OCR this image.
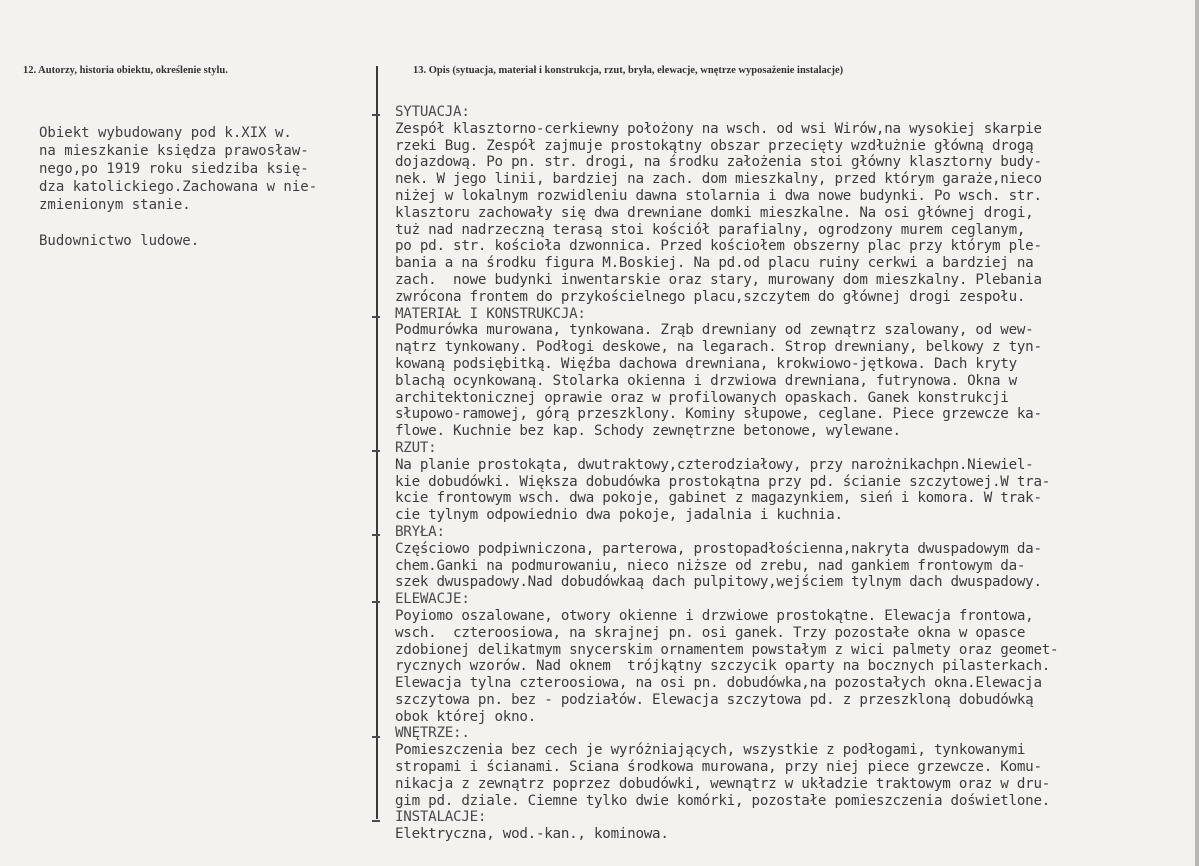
12. Autorzy, historia obiektu, określenie stylu.	13. Opis (sytuacja, materiał i konstrukcja, rzut, bryła, elewacje, wnętrze wyposażenie instalacje)
Obiekt wybudowany pod k.XIX w.
na mieszkanie księdza prawosław-
nego,po 1919 roku siedziba księ-
dza katolickiego.Zachowana w nie-
zmienionym stanie.
Budownictwo ludowe.
SYTUACJA:
Zespół klasztorno-cerkiewny położony na wsch. od wsi Wirów,na wysokiej skarpie
rzeki Bug. Zespół zajmuje prostokątny obszar przecięty wzdłużnie główną drogą
dojazdową. Po pn. str. drogi, na środku założenia stoi główny klasztorny budy-
nek. W jego linii, bardziej na zach. dom mieszkalny, przed którym garaże,nieco
niżej w lokalnym rozwidleniu dawna stolarnia i dwa nowe budynki. Po wsch. str.
klasztoru zachowały się dwa drewniane domki mieszkalne. Na osi głównej drogi,
tuż nad nadrzeczną terasą stoi kościół parafialny, ogrodzony murem ceglanym,
po pd. str. kościoła dzwonnica. Przed kościołem obszerny plac przy którym ple-
bania a na środku figura M.Boskiej. Na pd.od placu ruiny cerkwi a bardziej na
zach.  nowe budynki inwentarskie oraz stary, murowany dom mieszkalny. Plebania
zwrócona frontem do przykościelnego placu,szczytem do głównej drogi zespołu.
MATERIAŁ I KONSTRUKCJA:
Podmurówka murowana, tynkowana. Zrąb drewniany od zewnątrz szalowany, od wew-
nątrz tynkowany. Podłogi deskowe, na legarach. Strop drewniany, belkowy z tyn-
kowaną podsiębitką. Więźba dachowa drewniana, krokwiowo-jętkowa. Dach kryty
blachą ocynkowaną. Stolarka okienna i drzwiowa drewniana, futrynowa. Okna w
architektonicznej oprawie oraz w profilowanych opaskach. Ganek konstrukcji
słupowo-ramowej, górą przeszklony. Kominy słupowe, ceglane. Piece grzewcze ka-
flowe. Kuchnie bez kap. Schody zewnętrzne betonowe, wylewane.
RZUT:
Na planie prostokąta, dwutraktowy,czterodziałowy, przy narożnikachpn.Niewiel-
kie dobudówki. Większa dobudówka prostokątna przy pd. ścianie szczytowej.W tra-
kcie frontowym wsch. dwa pokoje, gabinet z magazynkiem, sień i komora. W trak-
cie tylnym odpowiednio dwa pokoje, jadalnia i kuchnia.
BRYŁA:
Częściowo podpiwniczona, parterowa, prostopadłościenna,nakryta dwuspadowym da-
chem.Ganki na podmurowaniu, nieco niższe od zrebu, nad gankiem frontowym da-
szek dwuspadowy.Nad dobudówkaą dach pulpitowy,wejściem tylnym dach dwuspadowy.
ELEWACJE:
Poyiomo oszalowane, otwory okienne i drzwiowe prostokątne. Elewacja frontowa,
wsch.  czteroosiowa, na skrajnej pn. osi ganek. Trzy pozostałe okna w opasce
zdobionej delikatmym snycerskim ornamentem powstałym z wici palmety oraz geomet-
rycznych wzorów. Nad oknem  trójkątny szczycik oparty na bocznych pilasterkach.
Elewacja tylna czteroosiowa, na osi pn. dobudówka,na pozostałych okna.Elewacja
szczytowa pn. bez - podziałów. Elewacja szczytowa pd. z przeszkloną dobudówką
obok której okno.
WNĘTRZE:.
Pomieszczenia bez cech je wyróżniających, wszystkie z podłogami, tynkowanymi
stropami i ścianami. Sciana środkowa murowana, przy niej piece grzewcze. Komu-
nikacja z zewnątrz poprzez dobudówki, wewnątrz w układzie traktowym oraz w dru-
gim pd. dziale. Ciemne tylko dwie komórki, pozostałe pomieszczenia doświetlone.
INSTALACJE:
Elektryczna, wod.-kan., kominowa.
